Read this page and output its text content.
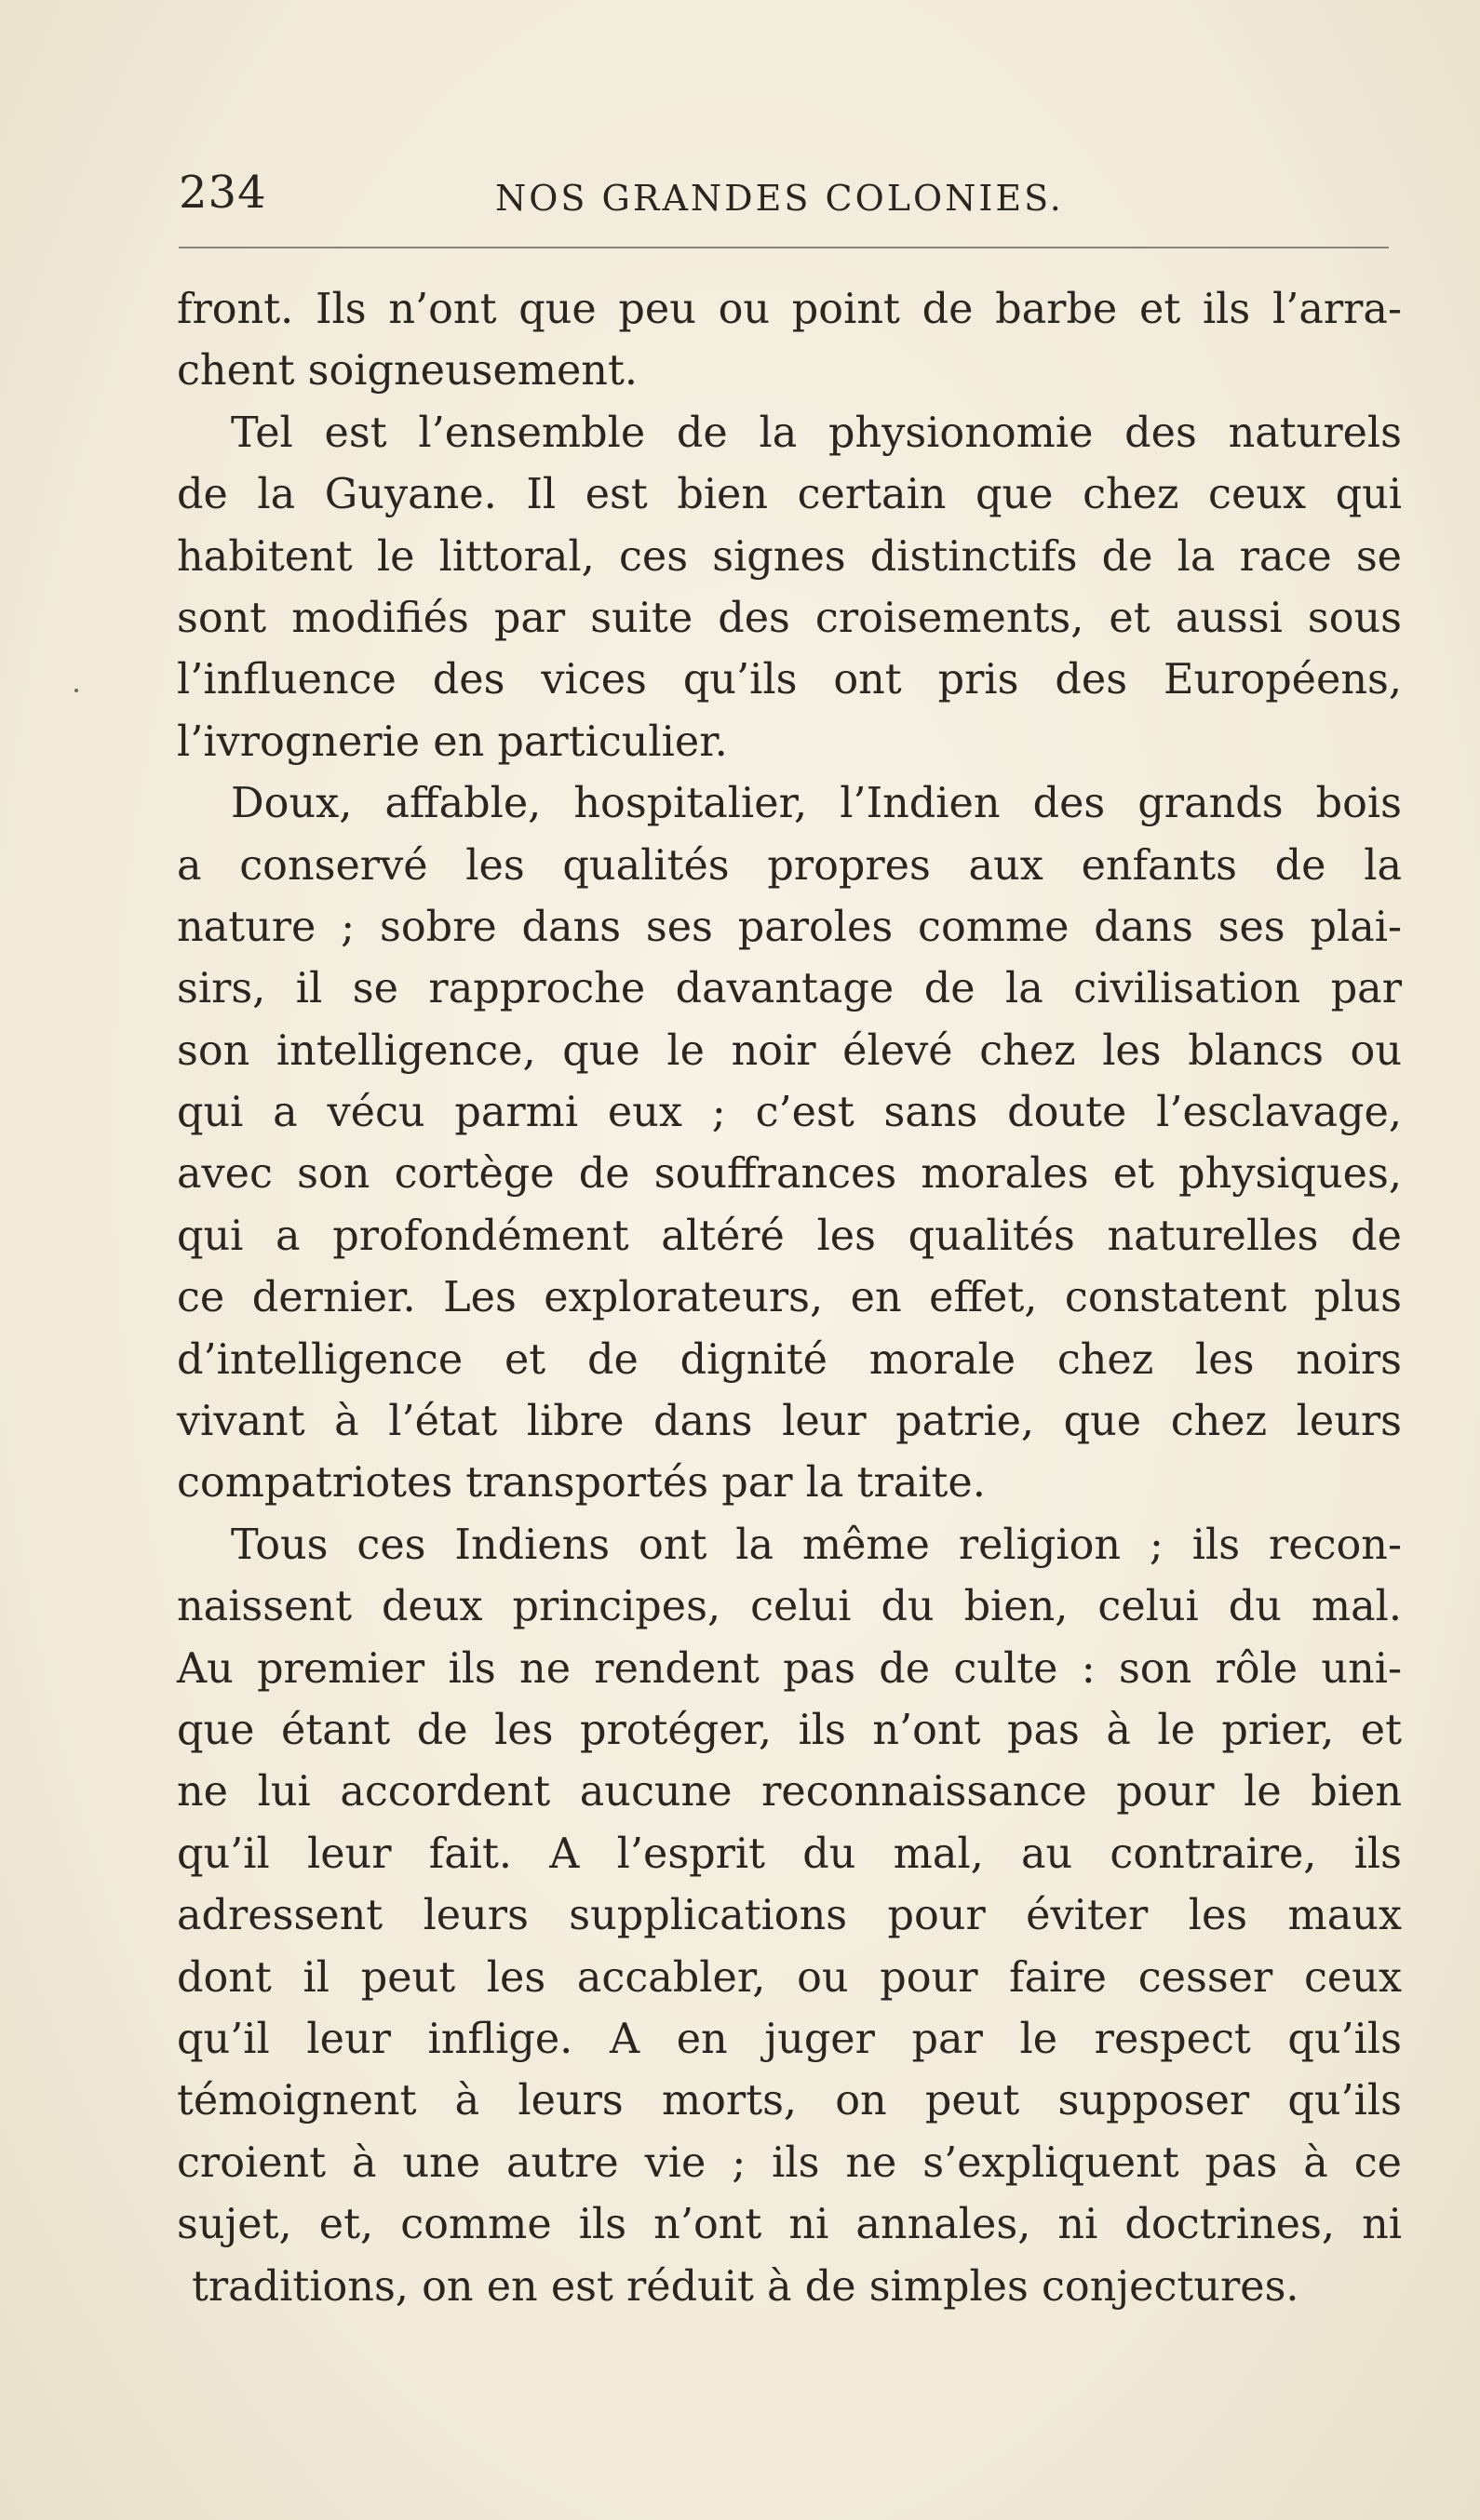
234	NOS GRANDES COLONIES.
front. Ils n’ont que peu ou point de barbe et ils l’arra-
chent soigneusement.
Tel est l’ensemble de la physionomie des naturels
de la Guyane. Il est bien certain que chez ceux qui
habitent le littoral, ces signes distinctifs de la race se
sont modifiés par suite des croisements, et aussi sous
l’influence des vices qu’ils ont pris des Européens,
l’ivrognerie en particulier.
Doux, affable, hospitalier, l’Indien des grands bois
a conservé les qualités propres aux enfants de la
nature ; sobre dans ses paroles comme dans ses plai-
sirs, il se rapproche davantage de la civilisation par
son intelligence, que le noir élevé chez les blancs ou
qui a vécu parmi eux ; c’est sans doute l’esclavage,
avec son cortège de souffrances morales et physiques,
qui a profondément altéré les qualités naturelles de
ce dernier. Les explorateurs, en effet, constatent plus
d’intelligence et de dignité morale chez les noirs
vivant à l’état libre dans leur patrie, que chez leurs
compatriotes transportés par la traite.
Tous ces Indiens ont la même religion ; ils recon-
naissent deux principes, celui du bien, celui du mal.
Au premier ils ne rendent pas de culte : son rôle uni-
que étant de les protéger, ils n’ont pas à le prier, et
ne lui accordent aucune reconnaissance pour le bien
qu’il leur fait. A l’esprit du mal, au contraire, ils
adressent leurs supplications pour éviter les maux
dont il peut les accabler, ou pour faire cesser ceux
qu’il leur inflige. A en juger par le respect qu’ils
témoignent à leurs morts, on peut supposer qu’ils
croient à une autre vie ; ils ne s’expliquent pas à ce
sujet, et, comme ils n’ont ni annales, ni doctrines, ni
traditions, on en est réduit à de simples conjectures.
